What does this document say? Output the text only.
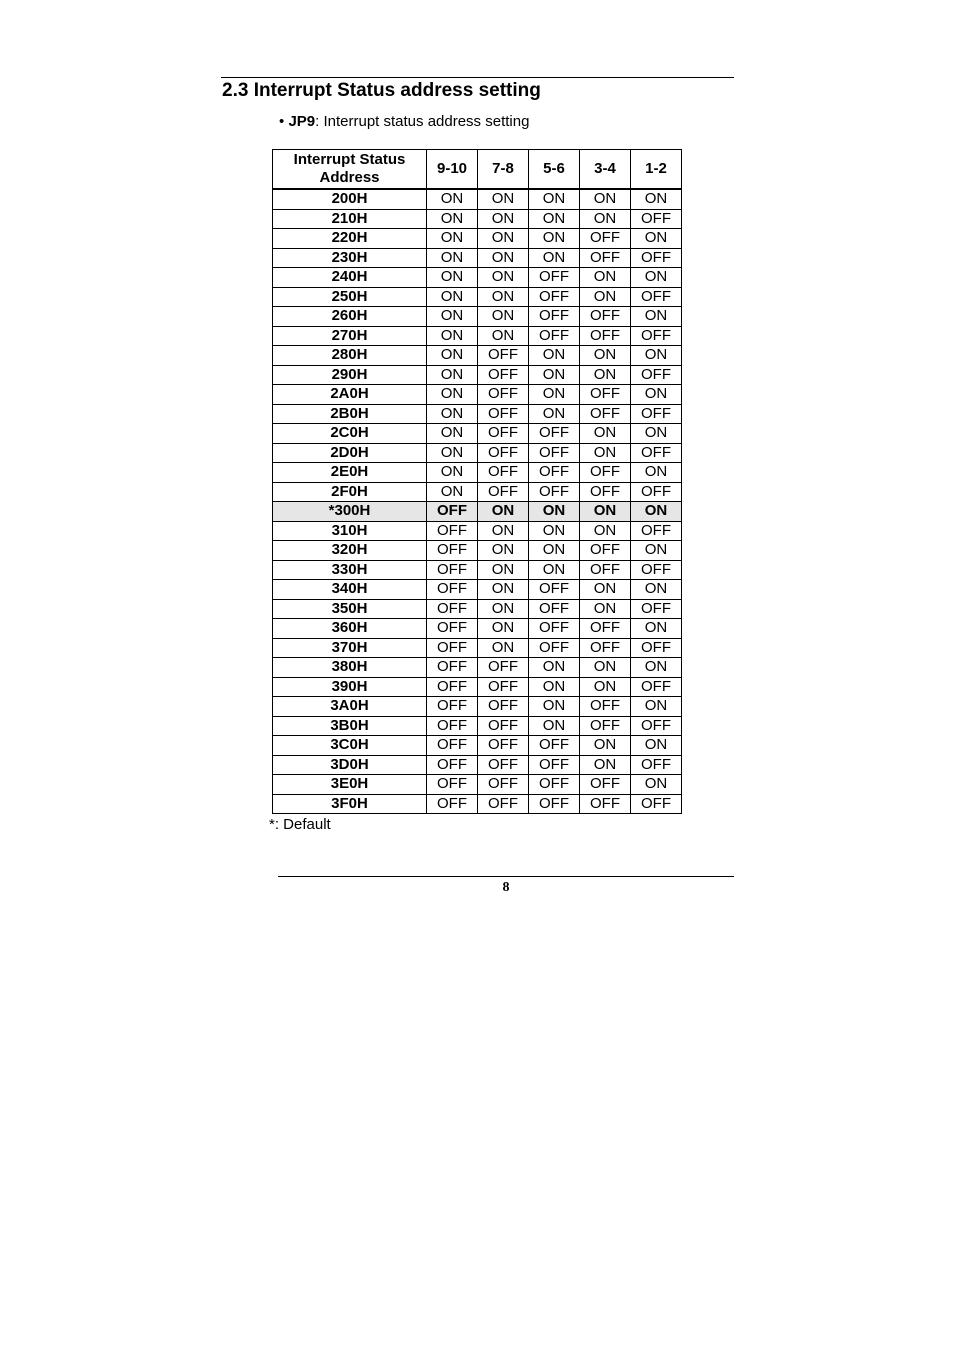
2.3 Interrupt Status address setting
• JP9: Interrupt status address setting
Interrupt Status Address	9-10	7-8	5-6	3-4	1-2
200H	ON	ON	ON	ON	ON
210H	ON	ON	ON	ON	OFF
220H	ON	ON	ON	OFF	ON
230H	ON	ON	ON	OFF	OFF
240H	ON	ON	OFF	ON	ON
250H	ON	ON	OFF	ON	OFF
260H	ON	ON	OFF	OFF	ON
270H	ON	ON	OFF	OFF	OFF
280H	ON	OFF	ON	ON	ON
290H	ON	OFF	ON	ON	OFF
2A0H	ON	OFF	ON	OFF	ON
2B0H	ON	OFF	ON	OFF	OFF
2C0H	ON	OFF	OFF	ON	ON
2D0H	ON	OFF	OFF	ON	OFF
2E0H	ON	OFF	OFF	OFF	ON
2F0H	ON	OFF	OFF	OFF	OFF
*300H	OFF	ON	ON	ON	ON
310H	OFF	ON	ON	ON	OFF
320H	OFF	ON	ON	OFF	ON
330H	OFF	ON	ON	OFF	OFF
340H	OFF	ON	OFF	ON	ON
350H	OFF	ON	OFF	ON	OFF
360H	OFF	ON	OFF	OFF	ON
370H	OFF	ON	OFF	OFF	OFF
380H	OFF	OFF	ON	ON	ON
390H	OFF	OFF	ON	ON	OFF
3A0H	OFF	OFF	ON	OFF	ON
3B0H	OFF	OFF	ON	OFF	OFF
3C0H	OFF	OFF	OFF	ON	ON
3D0H	OFF	OFF	OFF	ON	OFF
3E0H	OFF	OFF	OFF	OFF	ON
3F0H	OFF	OFF	OFF	OFF	OFF
*: Default
8
